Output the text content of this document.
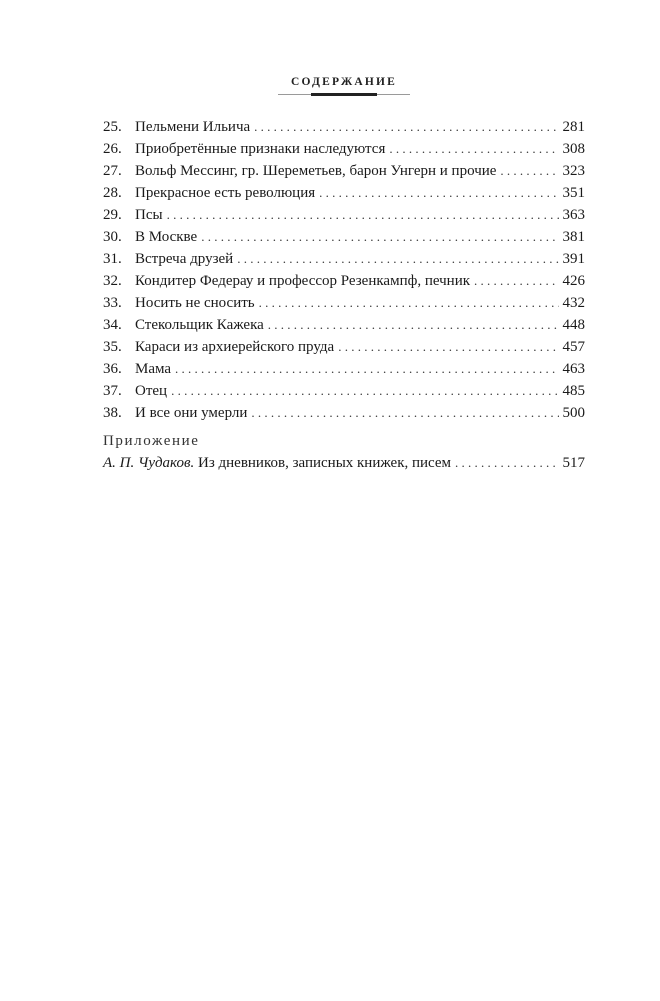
СОДЕРЖАНИЕ
25. Пельмени Ильича . . .	281
26. Приобретённые признаки наследуются . . .	308
27. Вольф Мессинг, гр. Шереметьев, барон Унгерн и прочие . . .	323
28. Прекрасное есть революция . . .	351
29. Псы . . .	363
30. В Москве . . .	381
31. Встреча друзей . . .	391
32. Кондитер Федерау и профессор Резенкампф, печник . . .	426
33. Носить не сносить . . .	432
34. Стекольщик Кажека . . .	448
35. Караси из архиерейского пруда . . .	457
36. Мама . . .	463
37. Отец . . .	485
38. И все они умерли . . .	500
Приложение
А. П. Чудаков. Из дневников, записных книжек, писем . . .	517
